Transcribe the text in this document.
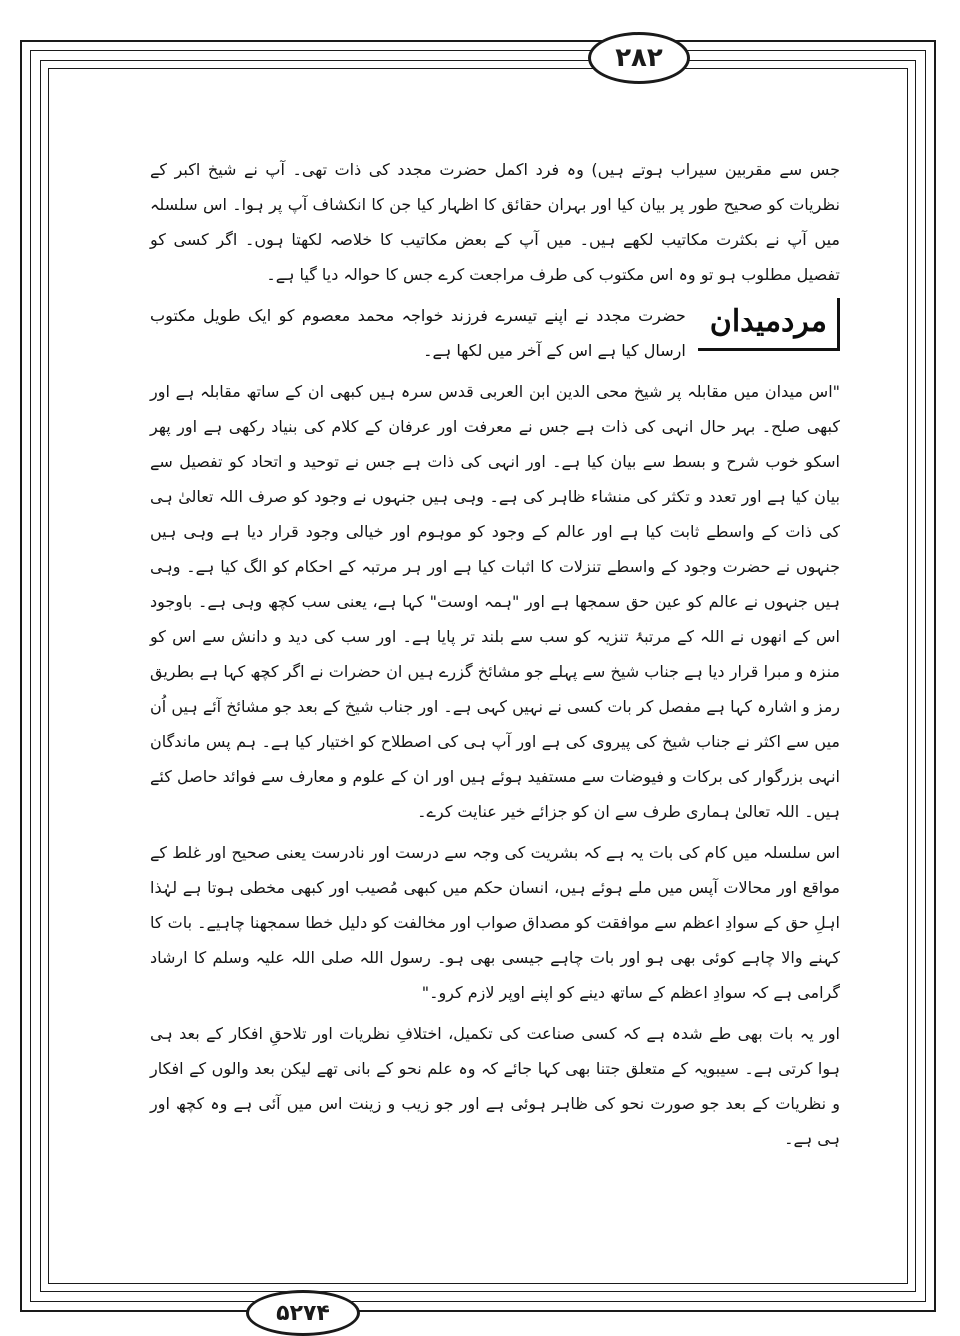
۲۸۲

جس سے مقربین سیراب ہوتے ہیں) وہ فرد اکمل حضرت مجدد کی ذات تھی۔ آپ نے شیخ اکبر کے نظریات کو صحیح طور پر بیان کیا اور بہران حقائق کا اظہار کیا جن کا انکشاف آپ پر ہوا۔ اس سلسلہ میں آپ نے بکثرت مکاتیب لکھے ہیں۔ میں آپ کے بعض مکاتیب کا خلاصہ لکھتا ہوں۔ اگر کسی کو تفصیل مطلوب ہو تو وہ اس مکتوب کی طرف مراجعت کرے جس کا حوالہ دیا گیا ہے۔

مردمیدان
حضرت مجدد نے اپنے تیسرے فرزند خواجہ محمد معصوم کو ایک طویل مکتوب ارسال کیا ہے اس کے آخر میں لکھا ہے۔

"اس میدان میں مقابلہ پر شیخ محی الدین ابن العربی قدس سرہ ہیں کبھی ان کے ساتھ مقابلہ ہے اور کبھی صلح۔ بہر حال انہی کی ذات ہے جس نے معرفت اور عرفان کے کلام کی بنیاد رکھی ہے اور پھر اسکو خوب شرح و بسط سے بیان کیا ہے۔ اور انہی کی ذات ہے جس نے توحید و اتحاد کو تفصیل سے بیان کیا ہے اور تعدد و تکثر کی منشاء ظاہر کی ہے۔ وہی ہیں جنہوں نے وجود کو صرف اللہ تعالیٰ ہی کی ذات کے واسطے ثابت کیا ہے اور عالم کے وجود کو موہوم اور خیالی وجود قرار دیا ہے وہی ہیں جنہوں نے حضرت وجود کے واسطے تنزلات کا اثبات کیا ہے اور ہر مرتبہ کے احکام کو الگ کیا ہے۔ وہی ہیں جنہوں نے عالم کو عین حق سمجھا ہے اور "ہمہ اوست" کہا ہے، یعنی سب کچھ وہی ہے۔ باوجود اس کے انھوں نے اللہ کے مرتبۂ تنزیہ کو سب سے بلند تر پایا ہے۔ اور سب کی دید و دانش سے اس کو منزہ و مبرا قرار دیا ہے جناب شیخ سے پہلے جو مشائخ گزرے ہیں ان حضرات نے اگر کچھ کہا ہے بطریق رمز و اشارہ کہا ہے مفصل کر بات کسی نے نہیں کہی ہے۔ اور جناب شیخ کے بعد جو مشائخ آئے ہیں اُن میں سے اکثر نے جناب شیخ کی پیروی کی ہے اور آپ ہی کی اصطلاح کو اختیار کیا ہے۔ ہم پس ماندگان انہی بزرگوار کی برکات و فیوضات سے مستفید ہوئے ہیں اور ان کے علوم و معارف سے فوائد حاصل کئے ہیں۔ اللہ تعالیٰ ہماری طرف سے ان کو جزائے خیر عنایت کرے۔

اس سلسلہ میں کام کی بات یہ ہے کہ بشریت کی وجہ سے درست اور نادرست یعنی صحیح اور غلط کے مواقع اور محالات آپس میں ملے ہوئے ہیں، انسان حکم میں کبھی مُصیب اور کبھی مخطی ہوتا ہے لہٰذا اہلِ حق کے سوادِ اعظم سے موافقت کو مصداق صواب اور مخالفت کو دلیل خطا سمجھنا چاہیے۔ بات کا کہنے والا چاہے کوئی بھی ہو اور بات چاہے جیسی بھی ہو۔ رسول اللہ صلی اللہ علیہ وسلم کا ارشاد گرامی ہے کہ سوادِ اعظم کے ساتھ دینے کو اپنے اوپر لازم کرو۔"

اور یہ بات بھی طے شدہ ہے کہ کسی صناعت کی تکمیل، اختلافِ نظریات اور تلاحقِ افکار کے بعد ہی ہوا کرتی ہے۔ سیبویہ کے متعلق جتنا بھی کہا جائے کہ وہ علم نحو کے بانی تھے لیکن بعد والوں کے افکار و نظریات کے بعد جو صورت نحو کی ظاہر ہوئی ہے اور جو زیب و زینت اس میں آئی ہے وہ کچھ اور ہی ہے۔

۵۲۷۴
